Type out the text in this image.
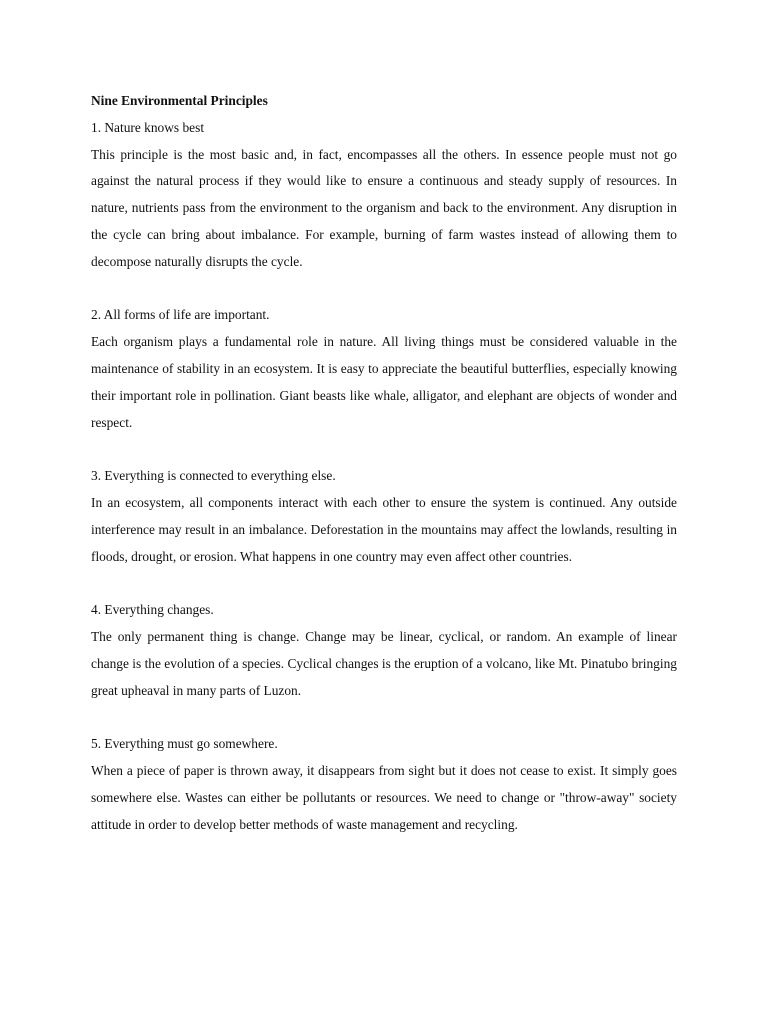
Nine Environmental Principles

1. Nature knows best

This principle is the most basic and, in fact, encompasses all the others. In essence people must not go against the natural process if they would like to ensure a continuous and steady supply of resources. In nature, nutrients pass from the environment to the organism and back to the environment. Any disruption in the cycle can bring about imbalance. For example, burning of farm wastes instead of allowing them to decompose naturally disrupts the cycle.

2. All forms of life are important.

Each organism plays a fundamental role in nature. All living things must be considered valuable in the maintenance of stability in an ecosystem. It is easy to appreciate the beautiful butterflies, especially knowing their important role in pollination. Giant beasts like whale, alligator, and elephant are objects of wonder and respect.

3. Everything is connected to everything else.

In an ecosystem, all components interact with each other to ensure the system is continued. Any outside interference may result in an imbalance. Deforestation in the mountains may affect the lowlands, resulting in floods, drought, or erosion. What happens in one country may even affect other countries.

4. Everything changes.

The only permanent thing is change. Change may be linear, cyclical, or random. An example of linear change is the evolution of a species. Cyclical changes is the eruption of a volcano, like Mt. Pinatubo bringing great upheaval in many parts of Luzon.

5. Everything must go somewhere.

When a piece of paper is thrown away, it disappears from sight but it does not cease to exist. It simply goes somewhere else. Wastes can either be pollutants or resources. We need to change or "throw-away" society attitude in order to develop better methods of waste management and recycling.
